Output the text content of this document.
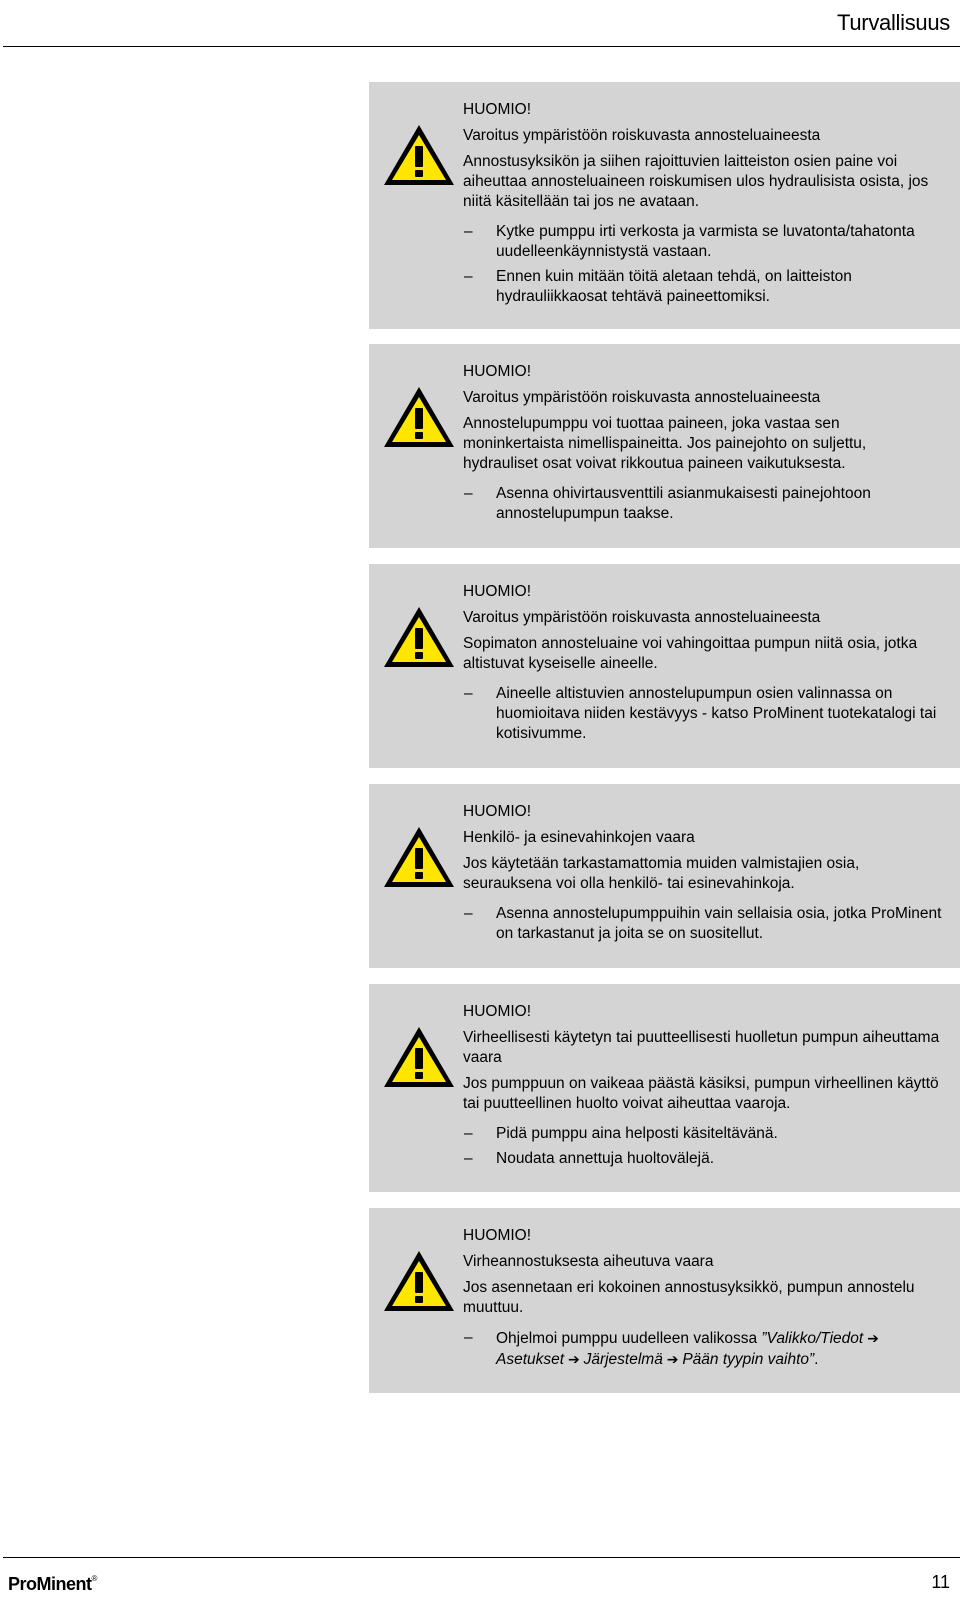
Turvallisuus
HUOMIO!
Varoitus ympäristöön roiskuvasta annosteluaineesta
Annostusyksikön ja siihen rajoittuvien laitteiston osien paine voi aiheuttaa annosteluaineen roiskumisen ulos hydraulisista osista, jos niitä käsitellään tai jos ne avataan.
– Kytke pumppu irti verkosta ja varmista se luvatonta/tahatonta uudelleenkäynnistystä vastaan.
– Ennen kuin mitään töitä aletaan tehdä, on laitteiston hydrauliikkaosat tehtävä paineettomiksi.
HUOMIO!
Varoitus ympäristöön roiskuvasta annosteluaineesta
Annostelupumppu voi tuottaa paineen, joka vastaa sen moninkertaista nimellispaineitta. Jos painejohto on suljettu, hydrauliset osat voivat rikkoutua paineen vaikutuksesta.
– Asenna ohivirtausventtili asianmukaisesti painejohtoon annostelupumpun taakse.
HUOMIO!
Varoitus ympäristöön roiskuvasta annosteluaineesta
Sopimaton annosteluaine voi vahingoittaa pumpun niitä osia, jotka altistuvat kyseiselle aineelle.
– Aineelle altistuvien annostelupumpun osien valinnassa on huomioitava niiden kestävyys - katso ProMinent tuotekatalogi tai kotisivumme.
HUOMIO!
Henkilö- ja esinevahinkojen vaara
Jos käytetään tarkastamattomia muiden valmistajien osia, seurauksena voi olla henkilö- tai esinevahinkoja.
– Asenna annostelupumppuihin vain sellaisia osia, jotka ProMinent on tarkastanut ja joita se on suositellut.
HUOMIO!
Virheellisesti käytetyn tai puutteellisesti huolletun pumpun aiheuttama vaara
Jos pumppuun on vaikeaa päästä käsiksi, pumpun virheellinen käyttö tai puutteellinen huolto voivat aiheuttaa vaaroja.
– Pidä pumppu aina helposti käsiteltävänä.
– Noudata annettuja huoltovälejä.
HUOMIO!
Virheannostuksesta aiheutuva vaara
Jos asennetaan eri kokoinen annostusyksikkö, pumpun annostelu muuttuu.
– Ohjelmoi pumppu uudelleen valikossa ”Valikko/Tiedot ➔ Asetukset ➔ Järjestelmä ➔ Pään tyypin vaihto”.
ProMinent®	11
